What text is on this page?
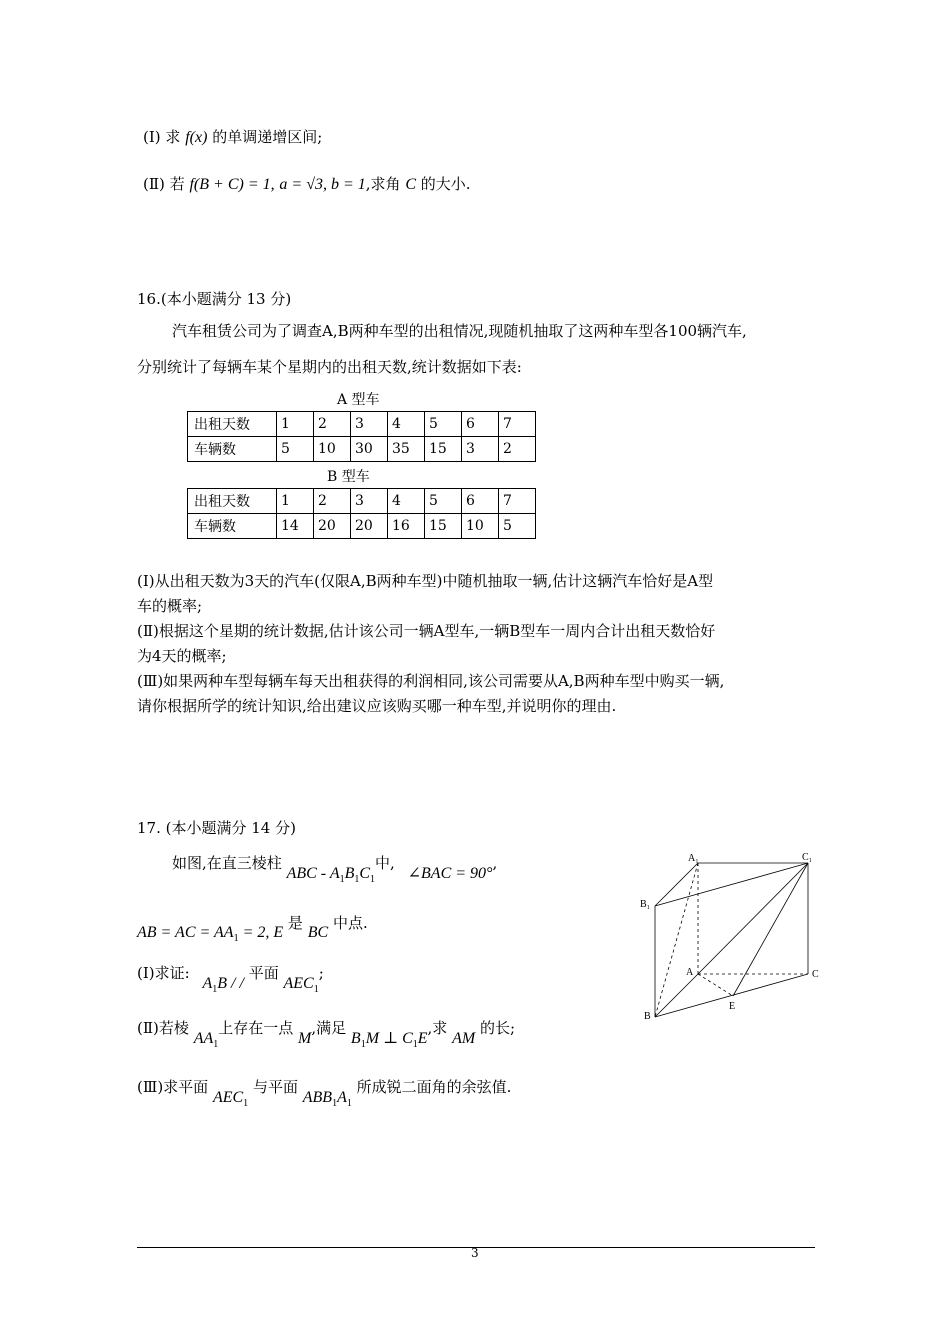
(Ⅰ) 求 f(x) 的单调递增区间;
(Ⅱ) 若 f(B + C) = 1, a = √3, b = 1,求角 C 的大小.
16.(本小题满分 13 分)
汽车租赁公司为了调查A,B两种车型的出租情况,现随机抽取了这两种车型各100辆汽车,
分别统计了每辆车某个星期内的出租天数,统计数据如下表:
A 型车
出租天数	1	2	3	4	5	6	7
车辆数	5	10	30	35	15	3	2
B 型车
出租天数	1	2	3	4	5	6	7
车辆数	14	20	20	16	15	10	5
(Ⅰ)从出租天数为3天的汽车(仅限A,B两种车型)中随机抽取一辆,估计这辆汽车恰好是A型
车的概率;
(Ⅱ)根据这个星期的统计数据,估计该公司一辆A型车,一辆B型车一周内合计出租天数恰好
为4天的概率;
(Ⅲ)如果两种车型每辆车每天出租获得的利润相同,该公司需要从A,B两种车型中购买一辆,
请你根据所学的统计知识,给出建议应该购买哪一种车型,并说明你的理由.
17. (本小题满分 14 分)
如图,在直三棱柱 ABC - $A_1B_1C_1$中, ∠BAC = 90°,
AB = AC = $AA_1 = 2$, E 是 BC 中点.
(Ⅰ)求证: $A_1B$ / / 平面 $AEC_1$;
(Ⅱ)若棱 $AA_1$上存在一点 M,满足 $B_1M$ ⊥ $C_1E$,求 AM 的长;
(Ⅲ)求平面 $AEC_1$ 与平面 $ABB_1A_1$ 所成锐二面角的余弦值.
A₁	C₁
B₁
A	C
B
E
3
